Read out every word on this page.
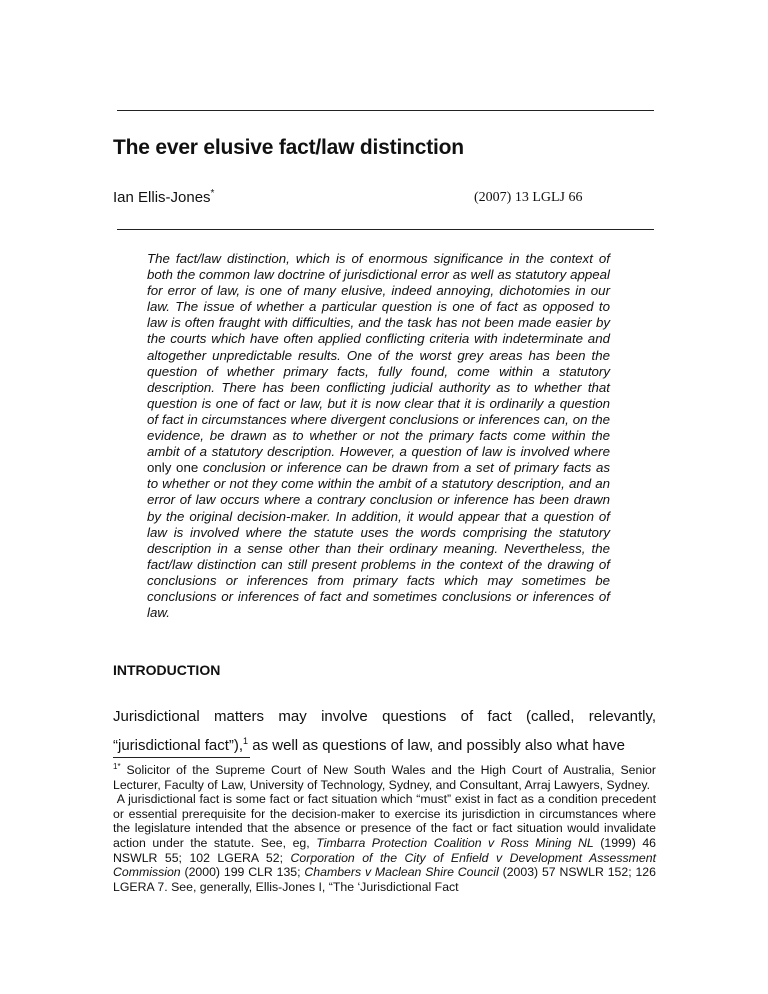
The ever elusive fact/law distinction
Ian Ellis-Jones*	(2007) 13 LGLJ 66

The fact/law distinction, which is of enormous significance in the context of both the common law doctrine of jurisdictional error as well as statutory appeal for error of law, is one of many elusive, indeed annoying, dichotomies in our law. The issue of whether a particular question is one of fact as opposed to law is often fraught with difficulties, and the task has not been made easier by the courts which have often applied conflicting criteria with indeterminate and altogether unpredictable results. One of the worst grey areas has been the question of whether primary facts, fully found, come within a statutory description. There has been conflicting judicial authority as to whether that question is one of fact or law, but it is now clear that it is ordinarily a question of fact in circumstances where divergent conclusions or inferences can, on the evidence, be drawn as to whether or not the primary facts come within the ambit of a statutory description. However, a question of law is involved where only one conclusion or inference can be drawn from a set of primary facts as to whether or not they come within the ambit of a statutory description, and an error of law occurs where a contrary conclusion or inference has been drawn by the original decision-maker. In addition, it would appear that a question of law is involved where the statute uses the words comprising the statutory description in a sense other than their ordinary meaning. Nevertheless, the fact/law distinction can still present problems in the context of the drawing of conclusions or inferences from primary facts which may sometimes be conclusions or inferences of fact and sometimes conclusions or inferences of law.

INTRODUCTION

Jurisdictional matters may involve questions of fact (called, relevantly, “jurisdictional fact”),$^1$ as well as questions of law, and possibly also what have

$^{1*}$ Solicitor of the Supreme Court of New South Wales and the High Court of Australia, Senior Lecturer, Faculty of Law, University of Technology, Sydney, and Consultant, Arraj Lawyers, Sydney.

A jurisdictional fact is some fact or fact situation which “must” exist in fact as a condition precedent or essential prerequisite for the decision-maker to exercise its jurisdiction in circumstances where the legislature intended that the absence or presence of the fact or fact situation would invalidate action under the statute. See, eg, Timbarra Protection Coalition v Ross Mining NL (1999) 46 NSWLR 55; 102 LGERA 52; Corporation of the City of Enfield v Development Assessment Commission (2000) 199 CLR 135; Chambers v Maclean Shire Council (2003) 57 NSWLR 152; 126 LGERA 7. See, generally, Ellis-Jones I, “The ‘Jurisdictional Fact
